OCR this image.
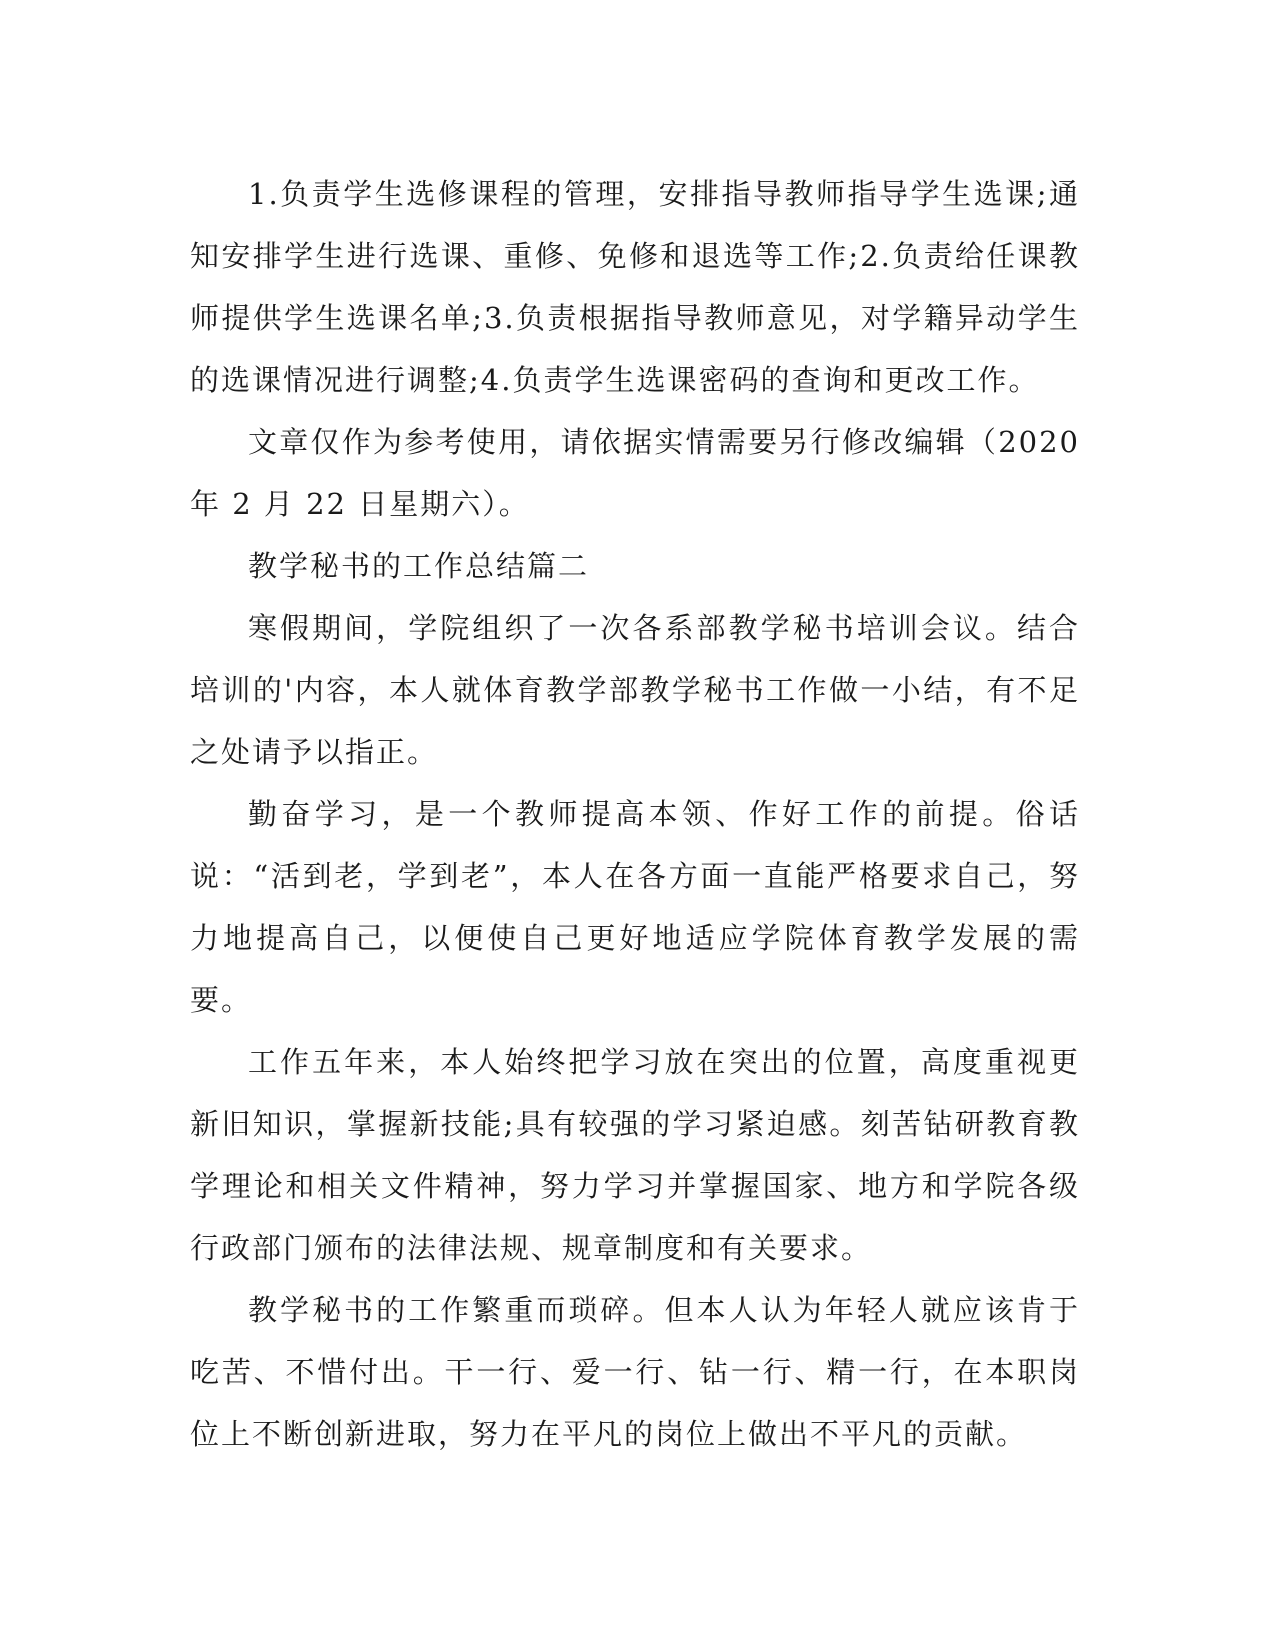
1.负责学生选修课程的管理，安排指导教师指导学生选课;通知安排学生进行选课、重修、免修和退选等工作;2.负责给任课教师提供学生选课名单;3.负责根据指导教师意见，对学籍异动学生的选课情况进行调整;4.负责学生选课密码的查询和更改工作。

文章仅作为参考使用，请依据实情需要另行修改编辑（2020 年 2 月 22 日星期六）。

教学秘书的工作总结篇二

寒假期间，学院组织了一次各系部教学秘书培训会议。结合培训的'内容，本人就体育教学部教学秘书工作做一小结，有不足之处请予以指正。

勤奋学习，是一个教师提高本领、作好工作的前提。俗话说：“活到老，学到老”，本人在各方面一直能严格要求自己，努力地提高自己，以便使自己更好地适应学院体育教学发展的需要。

工作五年来，本人始终把学习放在突出的位置，高度重视更新旧知识，掌握新技能;具有较强的学习紧迫感。刻苦钻研教育教学理论和相关文件精神，努力学习并掌握国家、地方和学院各级行政部门颁布的法律法规、规章制度和有关要求。

教学秘书的工作繁重而琐碎。但本人认为年轻人就应该肯于吃苦、不惜付出。干一行、爱一行、钻一行、精一行，在本职岗位上不断创新进取，努力在平凡的岗位上做出不平凡的贡献。
